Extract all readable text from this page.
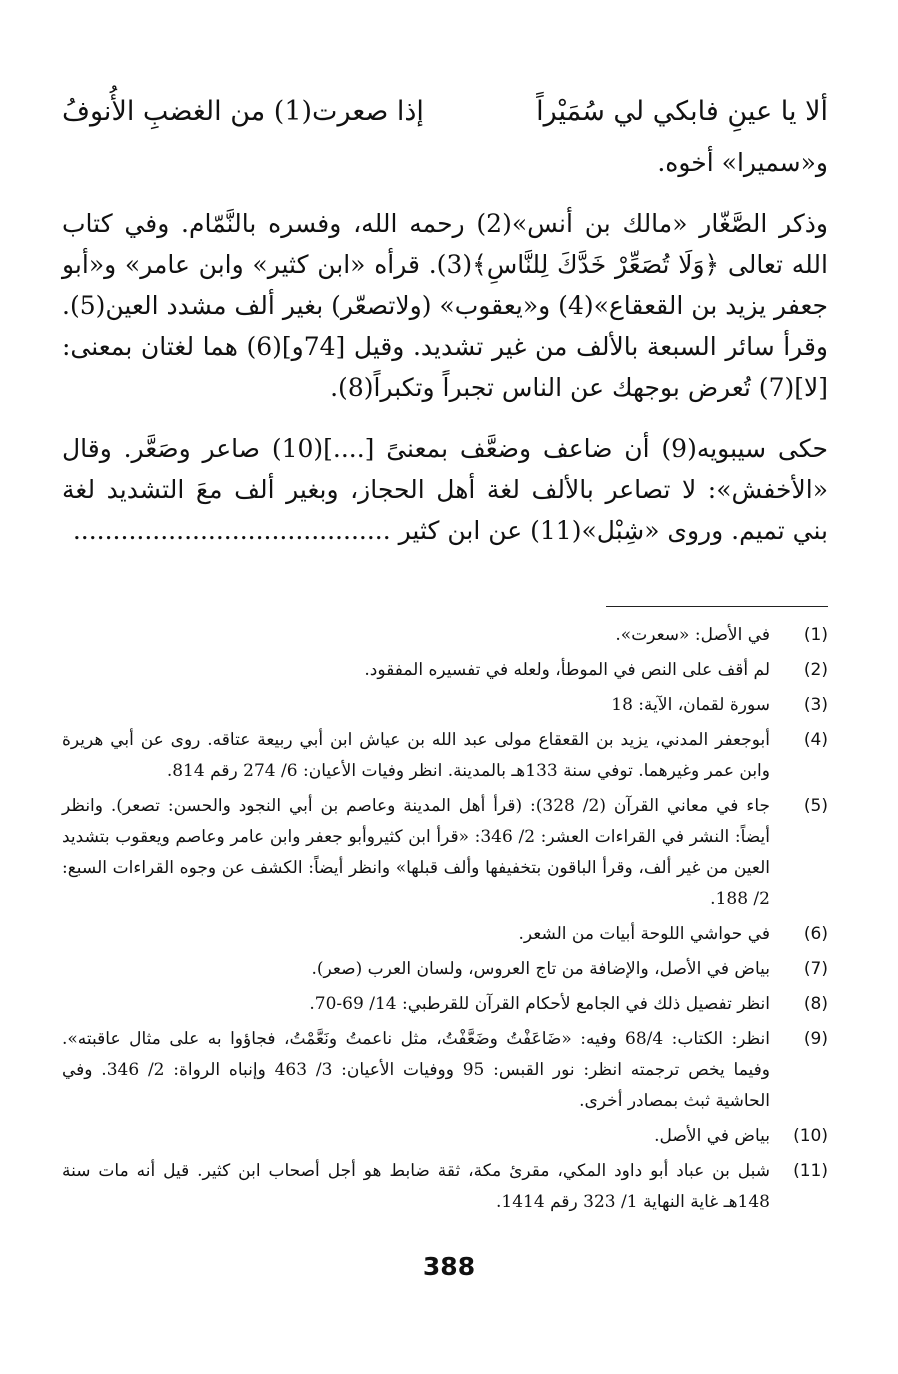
ألا يا عينِ فابكي لي سُمَيْراً
إذا صعرت(1) من الغضبِ الأُنوفُ

و«سميرا» أخوه.

وذكر الصَّغّار «مالك بن أنس»(2) رحمه الله، وفسره بالنَّمّام. وفي كتاب الله تعالى ﴿وَلَا تُصَعِّرْ خَدَّكَ لِلنَّاسِ﴾(3). قرأه «ابن كثير» وابن عامر» و«أبو جعفر يزيد بن القعقاع»(4) و«يعقوب» (ولاتصعّر) بغير ألف مشدد العين(5). وقرأ سائر السبعة بالألف من غير تشديد. وقيل [74و](6) هما لغتان بمعنى: [لا](7) تُعرض بوجهك عن الناس تجبراً وتكبراً(8).

حكى سيبويه(9) أن ضاعف وضعَّف بمعنىً [....](10) صاعر وصَعَّر. وقال «الأخفش»: لا تصاعر بالألف لغة أهل الحجاز، وبغير ألف معَ التشديد لغة بني تميم. وروى «شِبْل»(11) عن ابن كثير ........................................

(1)
في الأصل: «سعرت».
(2)
لم أقف على النص في الموطأ، ولعله في تفسيره المفقود.
(3)
سورة لقمان، الآية: 18
(4)
أبوجعفر المدني، يزيد بن القعقاع مولى عبد الله بن عياش ابن أبي ربيعة عتاقه. روى عن أبي هريرة وابن عمر وغيرهما. توفي سنة 133هـ بالمدينة. انظر وفيات الأعيان: 6/ 274 رقم 814.
(5)
جاء في معاني القرآن (2/ 328): (قرأ أهل المدينة وعاصم بن أبي النجود والحسن: تصعر). وانظر أيضاً: النشر في القراءات العشر: 2/ 346: «قرأ ابن كثيروأبو جعفر وابن عامر وعاصم ويعقوب بتشديد العين من غير ألف، وقرأ الباقون بتخفيفها وألف قبلها» وانظر أيضاً: الكشف عن وجوه القراءات السبع: 2/ 188.
(6)
في حواشي اللوحة أبيات من الشعر.
(7)
بياض في الأصل، والإضافة من تاج العروس، ولسان العرب (صعر).
(8)
انظر تفصيل ذلك في الجامع لأحكام القرآن للقرطبي: 14/ 69-70.
(9)
انظر: الكتاب: 68/4 وفيه: «ضَاعَفْتُ وضَعَّفْتُ، مثل ناعمتُ ونَعَّمْتُ، فجاؤوا به على مثال عاقبته». وفيما يخص ترجمته انظر: نور القبس: 95 ووفيات الأعيان: 3/ 463 وإنباه الرواة: 2/ 346. وفي الحاشية ثبث بمصادر أخرى.
(10)
بياض في الأصل.
(11)
شبل بن عباد أبو داود المكي، مقرئ مكة، ثقة ضابط هو أجل أصحاب ابن كثير. قيل أنه مات سنة 148هـ غاية النهاية 1/ 323 رقم 1414.
388
